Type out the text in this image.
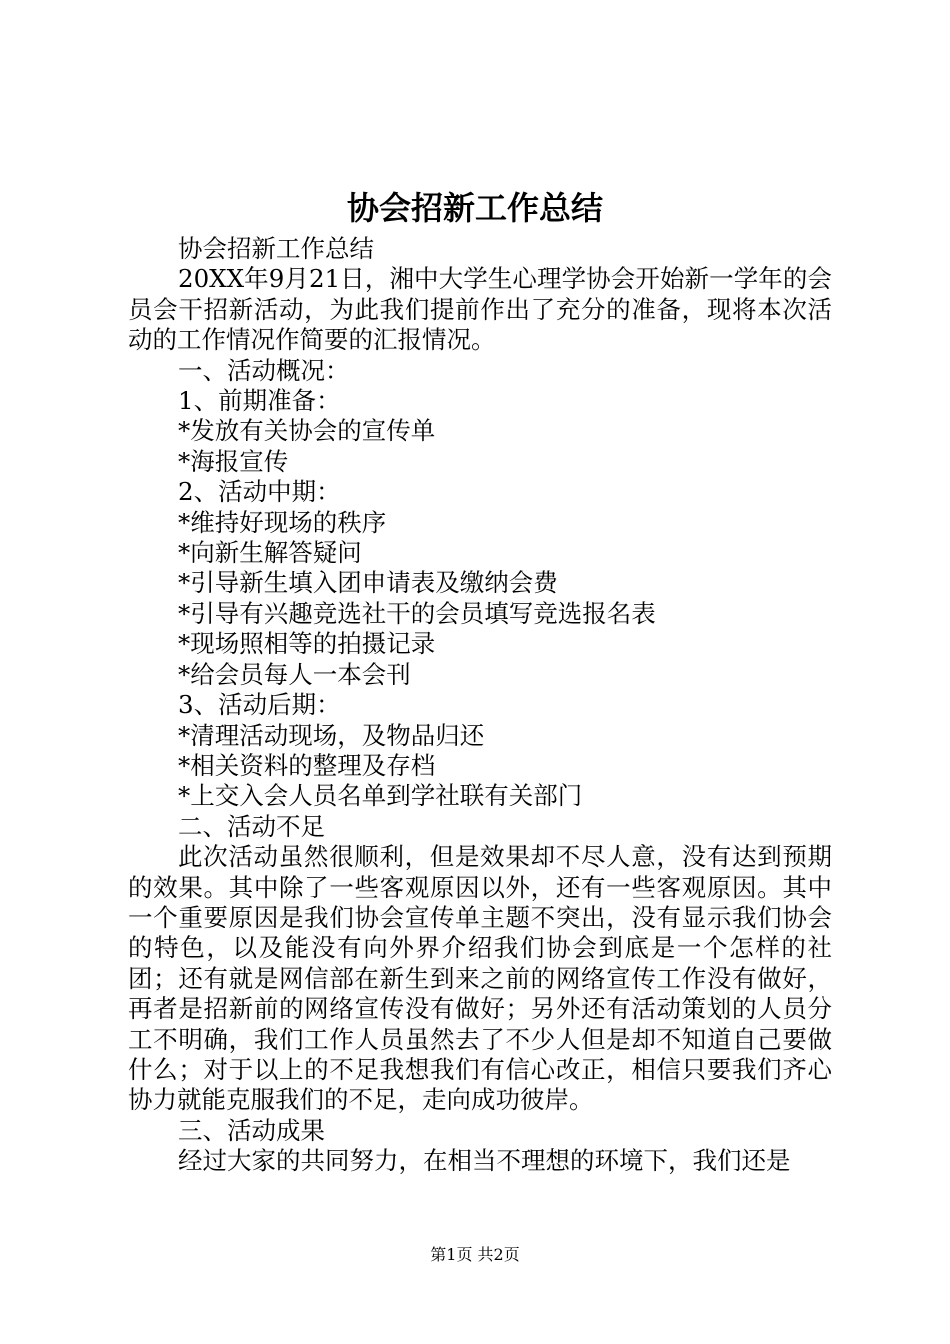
协会招新工作总结

协会招新工作总结

20XX年9月21日，湘中大学生心理学协会开始新一学年的会员会干招新活动，为此我们提前作出了充分的准备，现将本次活动的工作情况作简要的汇报情况。

一、活动概况：

1、前期准备：

*发放有关协会的宣传单

*海报宣传

2、活动中期：

*维持好现场的秩序

*向新生解答疑问

*引导新生填入团申请表及缴纳会费

*引导有兴趣竞选社干的会员填写竞选报名表

*现场照相等的拍摄记录

*给会员每人一本会刊

3、活动后期：

*清理活动现场，及物品归还

*相关资料的整理及存档

*上交入会人员名单到学社联有关部门

二、活动不足

此次活动虽然很顺利，但是效果却不尽人意，没有达到预期的效果。其中除了一些客观原因以外，还有一些客观原因。其中一个重要原因是我们协会宣传单主题不突出，没有显示我们协会的特色，以及能没有向外界介绍我们协会到底是一个怎样的社团；还有就是网信部在新生到来之前的网络宣传工作没有做好，再者是招新前的网络宣传没有做好；另外还有活动策划的人员分工不明确，我们工作人员虽然去了不少人但是却不知道自己要做什么；对于以上的不足我想我们有信心改正，相信只要我们齐心协力就能克服我们的不足，走向成功彼岸。

三、活动成果

经过大家的共同努力，在相当不理想的环境下，我们还是

第1页 共2页
